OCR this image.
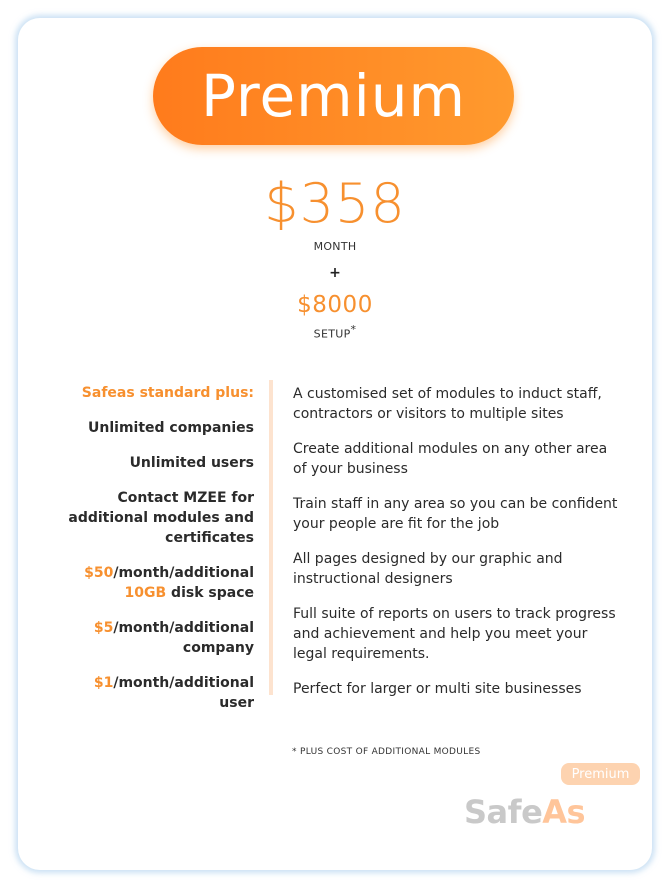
Premium
$358
MONTH
+
$8000
SETUP*
Safeas standard plus:
Unlimited companies
Unlimited users
Contact MZEE for additional modules and certificates
$50/month/additional
10GB disk space
$5/month/additional company
$1/month/additional user
A customised set of modules to induct staff, contractors or visitors to multiple sites
Create additional modules on any other area of your business
Train staff in any area so you can be confident your people are fit for the job
All pages designed by our graphic and instructional designers
Full suite of reports on users to track progress and achievement and help you meet your legal requirements.
Perfect for larger or multi site businesses
* PLUS COST OF ADDITIONAL MODULES
Premium
SafeAs
